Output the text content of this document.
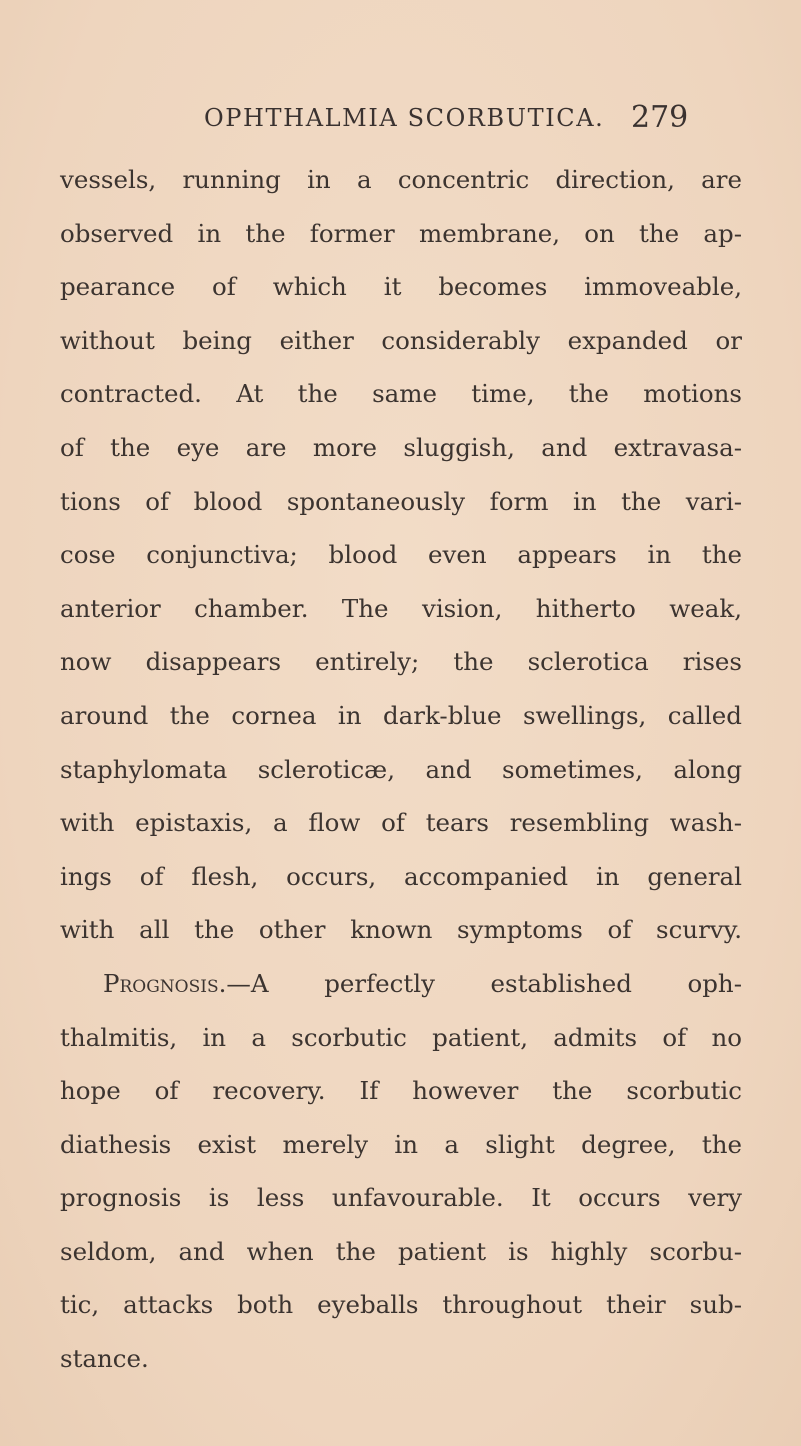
OPHTHALMIA SCORBUTICA. 279
vessels, running in a concentric direction, are
observed in the former membrane, on the ap-
pearance of which it becomes immoveable,
without being either considerably expanded or
contracted. At the same time, the motions
of the eye are more sluggish, and extravasa-
tions of blood spontaneously form in the vari-
cose conjunctiva; blood even appears in the
anterior chamber. The vision, hitherto weak,
now disappears entirely; the sclerotica rises
around the cornea in dark-blue swellings, called
staphylomata scleroticæ, and sometimes, along
with epistaxis, a flow of tears resembling wash-
ings of flesh, occurs, accompanied in general
with all the other known symptoms of scurvy.
Prognosis.—A perfectly established oph-
thalmitis, in a scorbutic patient, admits of no
hope of recovery. If however the scorbutic
diathesis exist merely in a slight degree, the
prognosis is less unfavourable. It occurs very
seldom, and when the patient is highly scorbu-
tic, attacks both eyeballs throughout their sub-
stance.
